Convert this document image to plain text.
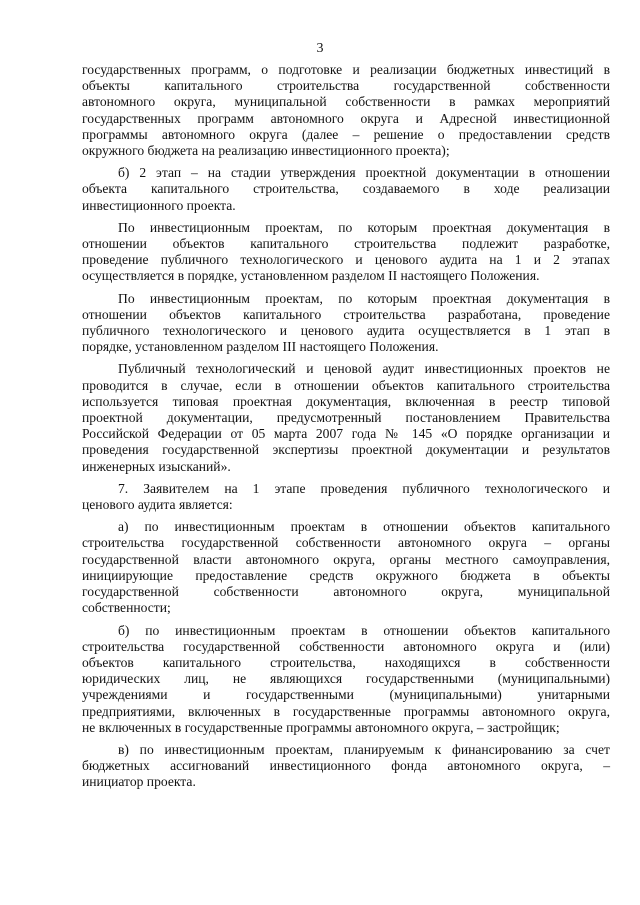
3

государственных программ, о подготовке и реализации бюджетных инвестиций в
объекты капитального строительства государственной собственности
автономного округа, муниципальной собственности в рамках мероприятий
государственных программ автономного округа и Адресной инвестиционной
программы автономного округа (далее – решение о предоставлении средств
окружного бюджета на реализацию инвестиционного проекта);

б) 2 этап – на стадии утверждения проектной документации в отношении
объекта капитального строительства, создаваемого в ходе реализации
инвестиционного проекта.

По инвестиционным проектам, по которым проектная документация в
отношении объектов капитального строительства подлежит разработке,
проведение публичного технологического и ценового аудита на 1 и 2 этапах
осуществляется в порядке, установленном разделом II настоящего Положения.

По инвестиционным проектам, по которым проектная документация в
отношении объектов капитального строительства разработана, проведение
публичного технологического и ценового аудита осуществляется в 1 этап в
порядке, установленном разделом III настоящего Положения.

Публичный технологический и ценовой аудит инвестиционных проектов не
проводится в случае, если в отношении объектов капитального строительства
используется типовая проектная документация, включенная в реестр типовой
проектной документации, предусмотренный постановлением Правительства
Российской Федерации от 05 марта 2007 года № 145 «О порядке организации и
проведения государственной экспертизы проектной документации и результатов
инженерных изысканий».

7. Заявителем на 1 этапе проведения публичного технологического и
ценового аудита является:

а) по инвестиционным проектам в отношении объектов капитального
строительства государственной собственности автономного округа – органы
государственной власти автономного округа, органы местного самоуправления,
инициирующие предоставление средств окружного бюджета в объекты
государственной собственности автономного округа, муниципальной
собственности;

б) по инвестиционным проектам в отношении объектов капитального
строительства государственной собственности автономного округа и (или)
объектов капитального строительства, находящихся в собственности
юридических лиц, не являющихся государственными (муниципальными)
учреждениями и государственными (муниципальными) унитарными
предприятиями, включенных в государственные программы автономного округа,
не включенных в государственные программы автономного округа, – застройщик;

в) по инвестиционным проектам, планируемым к финансированию за счет
бюджетных ассигнований инвестиционного фонда автономного округа, –
инициатор проекта.
